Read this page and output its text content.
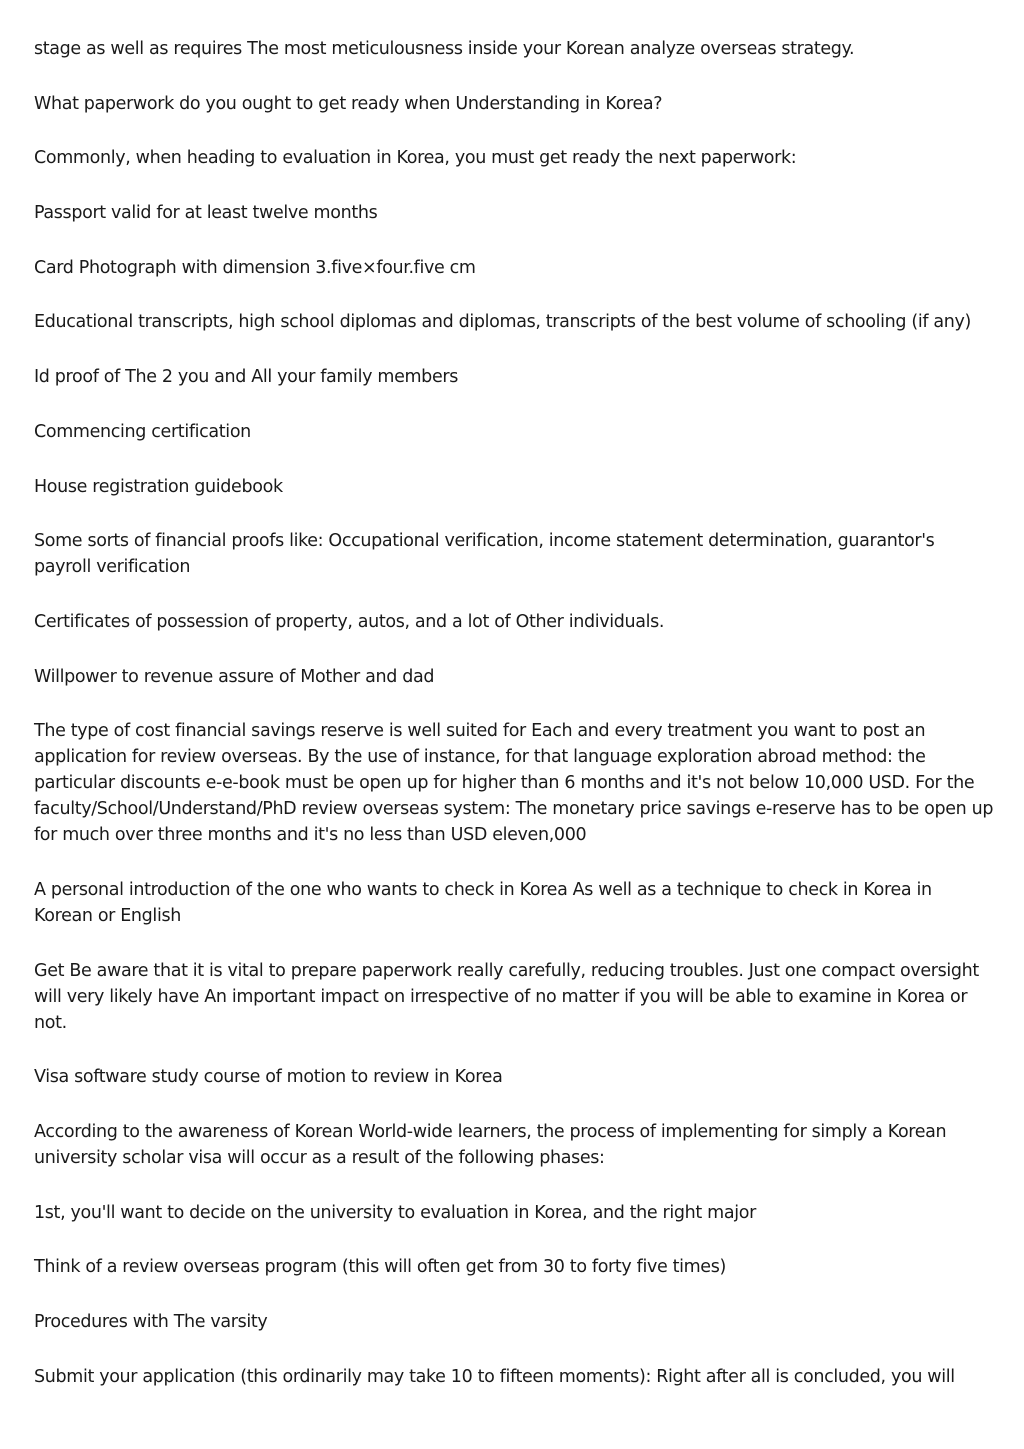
stage as well as requires The most meticulousness inside your Korean analyze overseas strategy.

What paperwork do you ought to get ready when Understanding in Korea?

Commonly, when heading to evaluation in Korea, you must get ready the next paperwork:

Passport valid for at least twelve months

Card Photograph with dimension 3.five×four.five cm

Educational transcripts, high school diplomas and diplomas, transcripts of the best volume of schooling (if any)

Id proof of The 2 you and All your family members

Commencing certification

House registration guidebook

Some sorts of financial proofs like: Occupational verification, income statement determination, guarantor's payroll verification

Certificates of possession of property, autos, and a lot of Other individuals.

Willpower to revenue assure of Mother and dad

The type of cost financial savings reserve is well suited for Each and every treatment you want to post an application for review overseas. By the use of instance, for that language exploration abroad method: the particular discounts e-e-book must be open up for higher than 6 months and it's not below 10,000 USD. For the faculty/School/Understand/PhD review overseas system: The monetary price savings e-reserve has to be open up for much over three months and it's no less than USD eleven,000

A personal introduction of the one who wants to check in Korea As well as a technique to check in Korea in Korean or English

Get Be aware that it is vital to prepare paperwork really carefully, reducing troubles. Just one compact oversight will very likely have An important impact on irrespective of no matter if you will be able to examine in Korea or not.

Visa software study course of motion to review in Korea

According to the awareness of Korean World-wide learners, the process of implementing for simply a Korean university scholar visa will occur as a result of the following phases:

1st, you'll want to decide on the university to evaluation in Korea, and the right major

Think of a review overseas program (this will often get from 30 to forty five times)

Procedures with The varsity

Submit your application (this ordinarily may take 10 to fifteen moments): Right after all is concluded, you will
